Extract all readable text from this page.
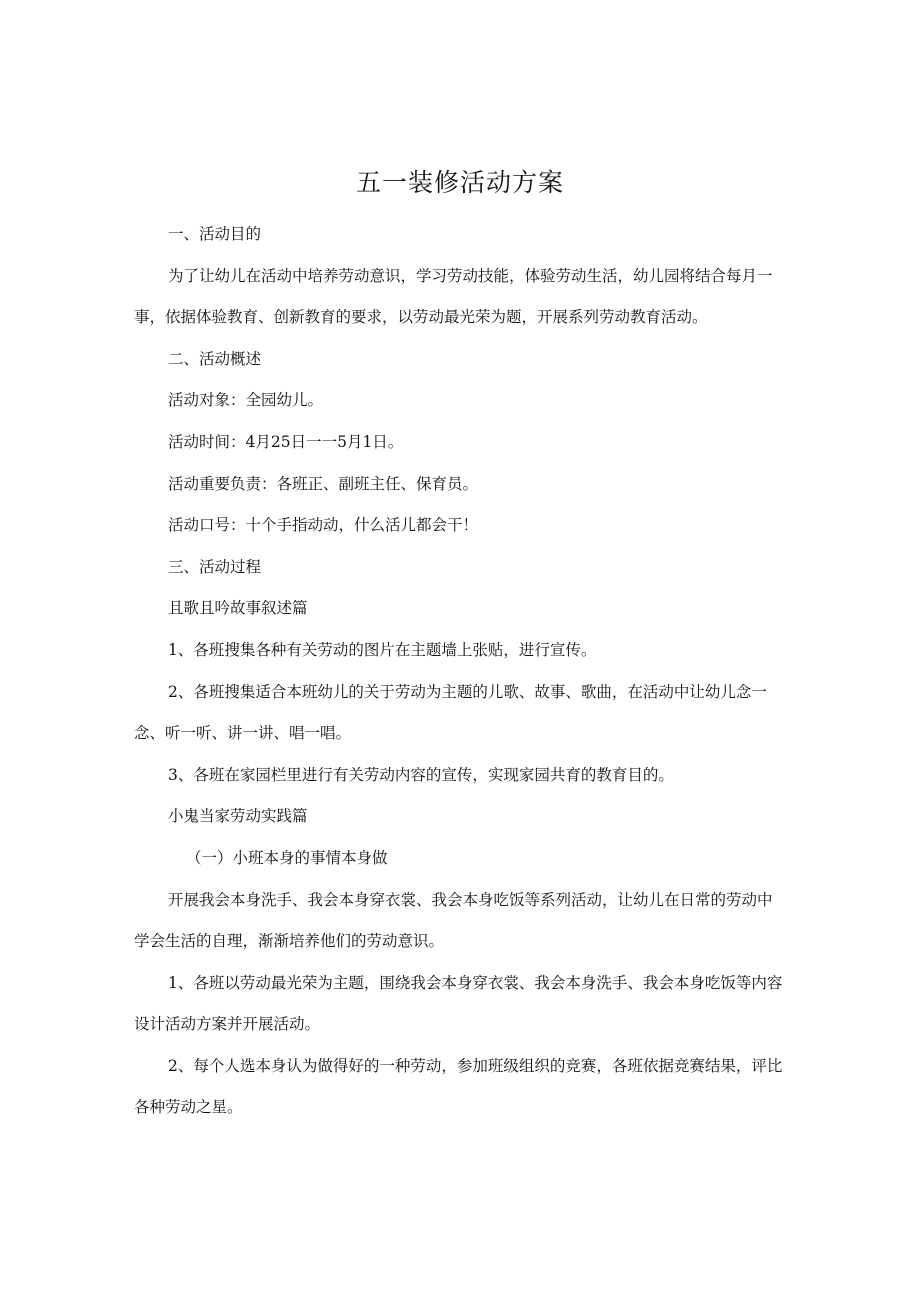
五一装修活动方案

一、活动目的

为了让幼儿在活动中培养劳动意识，学习劳动技能，体验劳动生活，幼儿园将结合每月一事，依据体验教育、创新教育的要求，以劳动最光荣为题，开展系列劳动教育活动。

二、活动概述

活动对象：全园幼儿。

活动时间：4月25日一一5月1日。

活动重要负责：各班正、副班主任、保育员。

活动口号：十个手指动动，什么活儿都会干！

三、活动过程

且歌且吟故事叙述篇

1、各班搜集各种有关劳动的图片在主题墙上张贴，进行宣传。

2、各班搜集适合本班幼儿的关于劳动为主题的儿歌、故事、歌曲，在活动中让幼儿念一念、听一听、讲一讲、唱一唱。

3、各班在家园栏里进行有关劳动内容的宣传，实现家园共育的教育目的。

小鬼当家劳动实践篇

（一）小班本身的事情本身做

开展我会本身洗手、我会本身穿衣裳、我会本身吃饭等系列活动，让幼儿在日常的劳动中学会生活的自理，渐渐培养他们的劳动意识。

1、各班以劳动最光荣为主题，围绕我会本身穿衣裳、我会本身洗手、我会本身吃饭等内容设计活动方案并开展活动。

2、每个人选本身认为做得好的一种劳动，参加班级组织的竞赛，各班依据竞赛结果，评比各种劳动之星。
